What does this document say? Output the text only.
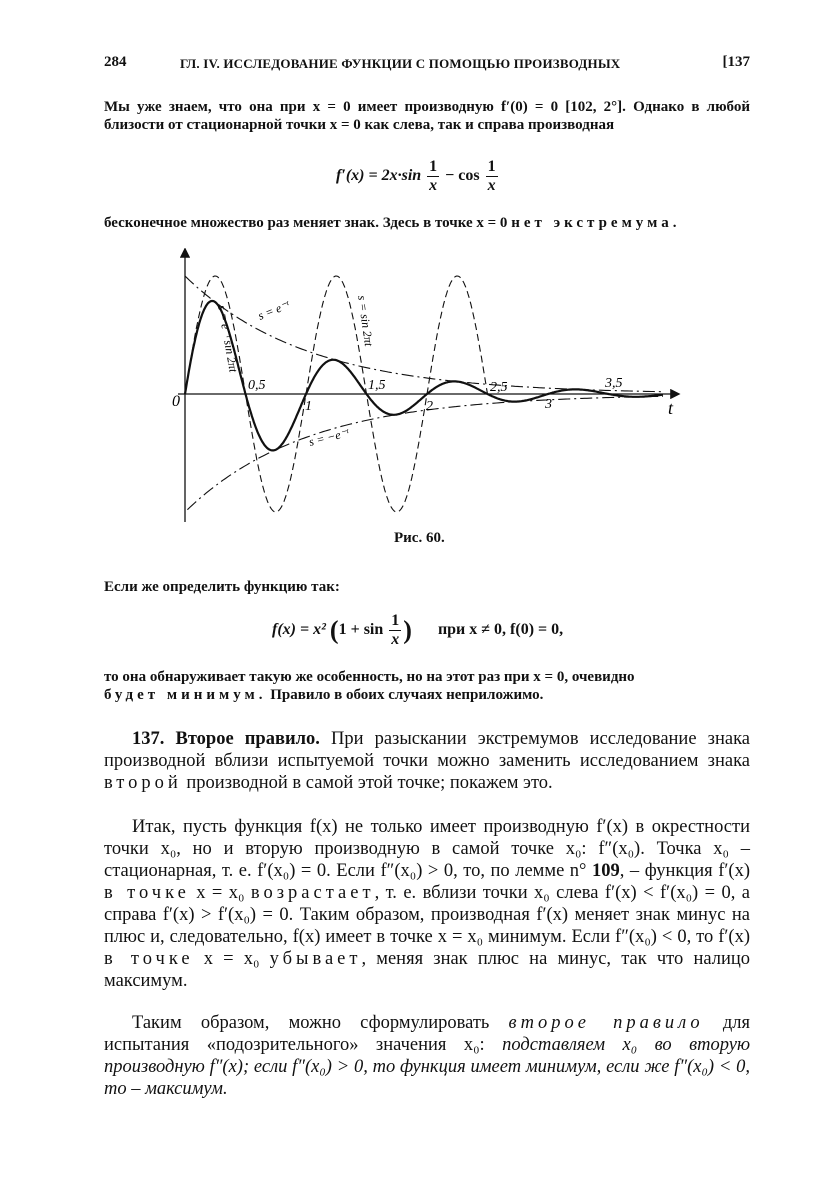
284	ГЛ. IV. ИССЛЕДОВАНИЕ ФУНКЦИИ С ПОМОЩЬЮ ПРОИЗВОДНЫХ	[137
Мы уже знаем, что она при x = 0 имеет производную f′(0) = 0 [102, 2°]. Однако в любой близости от стационарной точки x = 0 как слева, так и справа производная
$f'(x) = 2x\cdot\sin \frac{1}{x} - \cos \frac{1}{x}$
бесконечное множество раз меняет знак. Здесь в точке x = 0 нет экстремума.
0	t
0,5
1
1,5
2
2,5
3
3,5
s = e⁻ᵗ
s = −e⁻ᵗ
s = sin 2πt
s = e⁻ᵗ sin 2πt
Рис. 60.
Если же определить функцию так:
f(x) = x² ($1 + \sin \frac{1}{x}$ ) при x ≠ 0, f(0) = 0,
то она обнаруживает такую же особенность, но на этот раз при x = 0, очевидно
будет минимум. Правило в обоих случаях неприложимо.
137. Второе правило. При разыскании экстремумов исследование знака производной вблизи испытуемой точки можно заменить исследованием знака второй производной в самой этой точке; покажем это.
Итак, пусть функция f(x) не только имеет производную f′(x) в окрестности точки x₀, но и вторую производную в самой точке x₀: f″(x₀). Точка x₀ – стационарная, т. е. f′(x₀) = 0. Если f″(x₀) > 0, то, по лемме n° 109, – функция f′(x) в точке x = x₀ возрастает, т. е. вблизи точки x₀ слева f′(x) < f′(x₀) = 0, а справа f′(x) > f′(x₀) = 0. Таким образом, производная f′(x) меняет знак минус на плюс и, следовательно, f(x) имеет в точке x = x₀ минимум. Если f″(x₀) < 0, то f′(x) в точке x = x₀ убывает, меняя знак плюс на минус, так что налицо максимум.
Таким образом, можно сформулировать второе правило для испытания «подозрительного» значения x₀: подставляем x₀ во вторую производную f″(x); если f″(x₀) > 0, то функция имеет минимум, если же f″(x₀) < 0, то – максимум.
